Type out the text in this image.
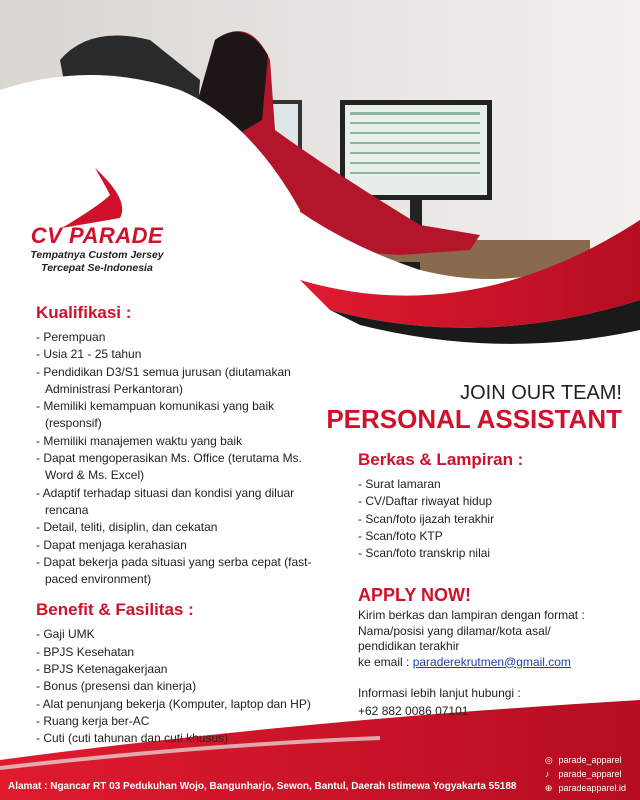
CV PARADE
Tempatnya Custom Jersey
Tercepat Se-Indonesia
Kualifikasi :
- Perempuan
- Usia 21 - 25 tahun
- Pendidikan D3/S1 semua jurusan (diutamakan Administrasi Perkantoran)
- Memiliki kemampuan komunikasi yang baik (responsif)
- Memiliki manajemen waktu yang baik
- Dapat mengoperasikan Ms. Office (terutama Ms. Word & Ms. Excel)
- Adaptif terhadap situasi dan kondisi yang diluar rencana
- Detail, teliti, disiplin, dan cekatan
- Dapat menjaga kerahasian
- Dapat bekerja pada situasi yang serba cepat (fast-paced environment)
Benefit & Fasilitas :
- Gaji UMK
- BPJS Kesehatan
- BPJS Ketenagakerjaan
- Bonus (presensi dan kinerja)
- Alat penunjang bekerja (Komputer, laptop dan HP)
- Ruang kerja ber-AC
- Cuti (cuti tahunan dan cuti khusus)
JOIN OUR TEAM!
PERSONAL ASSISTANT
Berkas & Lampiran :
- Surat lamaran
- CV/Daftar riwayat hidup
- Scan/foto ijazah terakhir
- Scan/foto KTP
- Scan/foto transkrip nilai
APPLY NOW!

Kirim berkas dan lampiran dengan format :

Nama/posisi yang dilamar/kota asal/

pendidikan terakhir

ke email : paraderekrutmen@gmail.com

Informasi lebih lanjut hubungi :

+62 882 0086 07101

◎ parade_apparel
♪ parade_apparel
⊕ paradeapparel.id
Alamat : Ngancar RT 03 Pedukuhan Wojo, Bangunharjo, Sewon, Bantul, Daerah Istimewa Yogyakarta 55188
